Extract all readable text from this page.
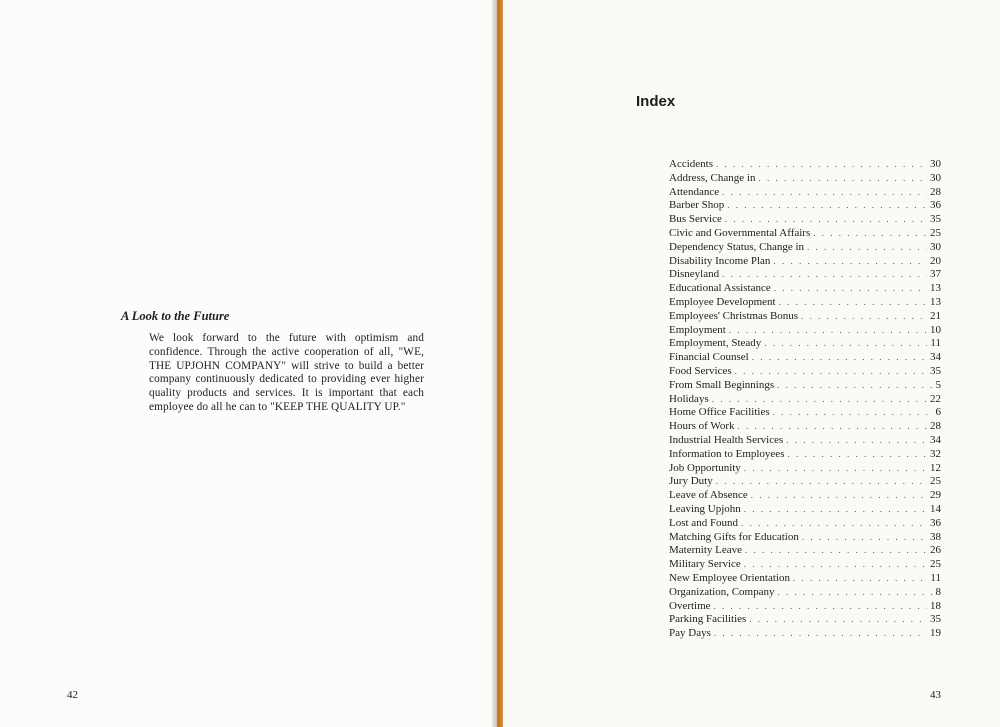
A Look to the Future
We look forward to the future with optimism and confidence. Through the active cooperation of all, "WE, THE UPJOHN COMPANY" will strive to build a better company continuously dedicated to providing ever higher quality products and services. It is important that each employee do all he can to "KEEP THE QUALITY UP."
42
Index
Accidents . . .	30
Address, Change in . . .	30
Attendance . . .	28
Barber Shop . . .	36
Bus Service . . .	35
Civic and Governmental Affairs . . .	25
Dependency Status, Change in . . .	30
Disability Income Plan . . .	20
Disneyland . . .	37
Educational Assistance . . .	13
Employee Development . . .	13
Employees' Christmas Bonus . . .	21
Employment . . .	10
Employment, Steady . . .	11
Financial Counsel . . .	34
Food Services . . .	35
From Small Beginnings . . .	5
Holidays . . .	22
Home Office Facilities . . .	6
Hours of Work . . .	28
Industrial Health Services . . .	34
Information to Employees . . .	32
Job Opportunity . . .	12
Jury Duty . . .	25
Leave of Absence . . .	29
Leaving Upjohn . . .	14
Lost and Found . . .	36
Matching Gifts for Education . . .	38
Maternity Leave . . .	26
Military Service . . .	25
New Employee Orientation . . .	11
Organization, Company . . .	8
Overtime . . .	18
Parking Facilities . . .	35
Pay Days . . .	19
43
